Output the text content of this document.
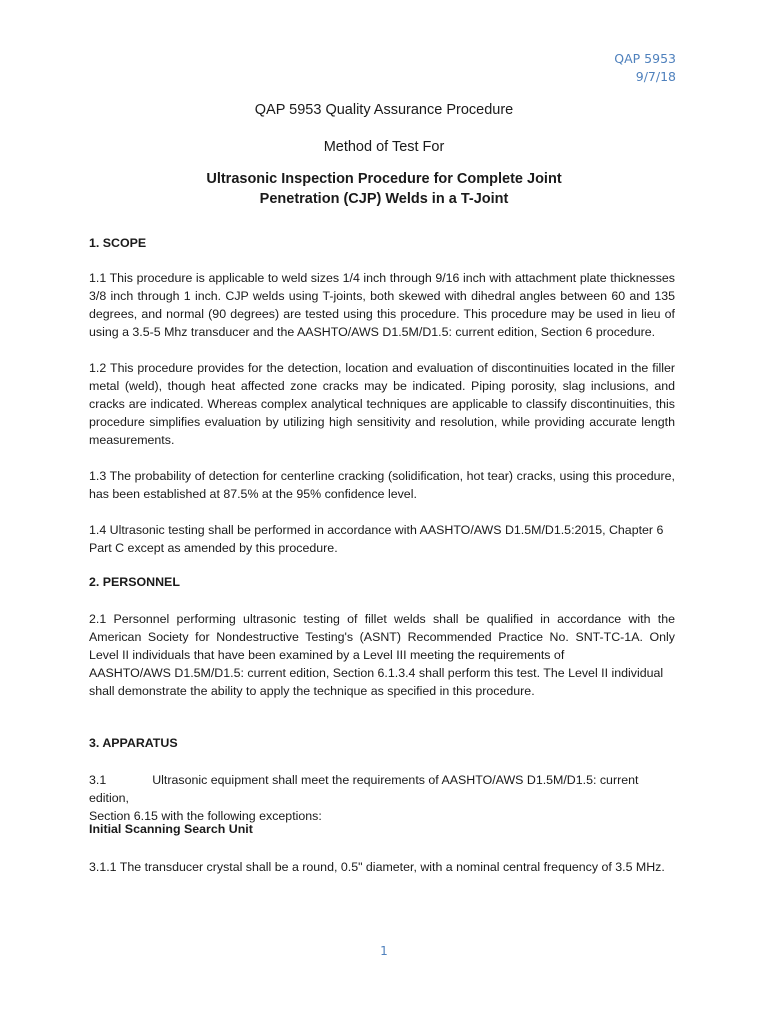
QAP 5953
9/7/18
QAP 5953 Quality Assurance Procedure
Method of Test For
Ultrasonic Inspection Procedure for Complete Joint
Penetration (CJP) Welds in a T-Joint
1. SCOPE
1.1 This procedure is applicable to weld sizes 1/4 inch through 9/16 inch with attachment plate thicknesses 3/8 inch through 1 inch. CJP welds using T-joints, both skewed with dihedral angles between 60 and 135 degrees, and normal (90 degrees) are tested using this procedure. This procedure may be used in lieu of using a 3.5-5 Mhz transducer and the AASHTO/AWS D1.5M/D1.5: current edition, Section 6 procedure.
1.2 This procedure provides for the detection, location and evaluation of discontinuities located in the filler metal (weld), though heat affected zone cracks may be indicated. Piping porosity, slag inclusions, and cracks are indicated. Whereas complex analytical techniques are applicable to classify discontinuities, this procedure simplifies evaluation by utilizing high sensitivity and resolution, while providing accurate length measurements.
1.3 The probability of detection for centerline cracking (solidification, hot tear) cracks, using this procedure, has been established at 87.5% at the 95% confidence level.
1.4 Ultrasonic testing shall be performed in accordance with AASHTO/AWS D1.5M/D1.5:2015, Chapter 6 Part C except as amended by this procedure.
2. PERSONNEL
2.1 Personnel performing ultrasonic testing of fillet welds shall be qualified in accordance with the American Society for Nondestructive Testing's (ASNT) Recommended Practice No. SNT-TC-1A. Only Level II individuals that have been examined by a Level III meeting the requirements of
AASHTO/AWS D1.5M/D1.5: current edition, Section 6.1.3.4 shall perform this test. The Level II individual shall demonstrate the ability to apply the technique as specified in this procedure.
3. APPARATUS
3.1	Ultrasonic equipment shall meet the requirements of AASHTO/AWS D1.5M/D1.5: current edition,
Section 6.15 with the following exceptions:
Initial Scanning Search Unit
3.1.1 The transducer crystal shall be a round, 0.5" diameter, with a nominal central frequency of 3.5 MHz.
1
